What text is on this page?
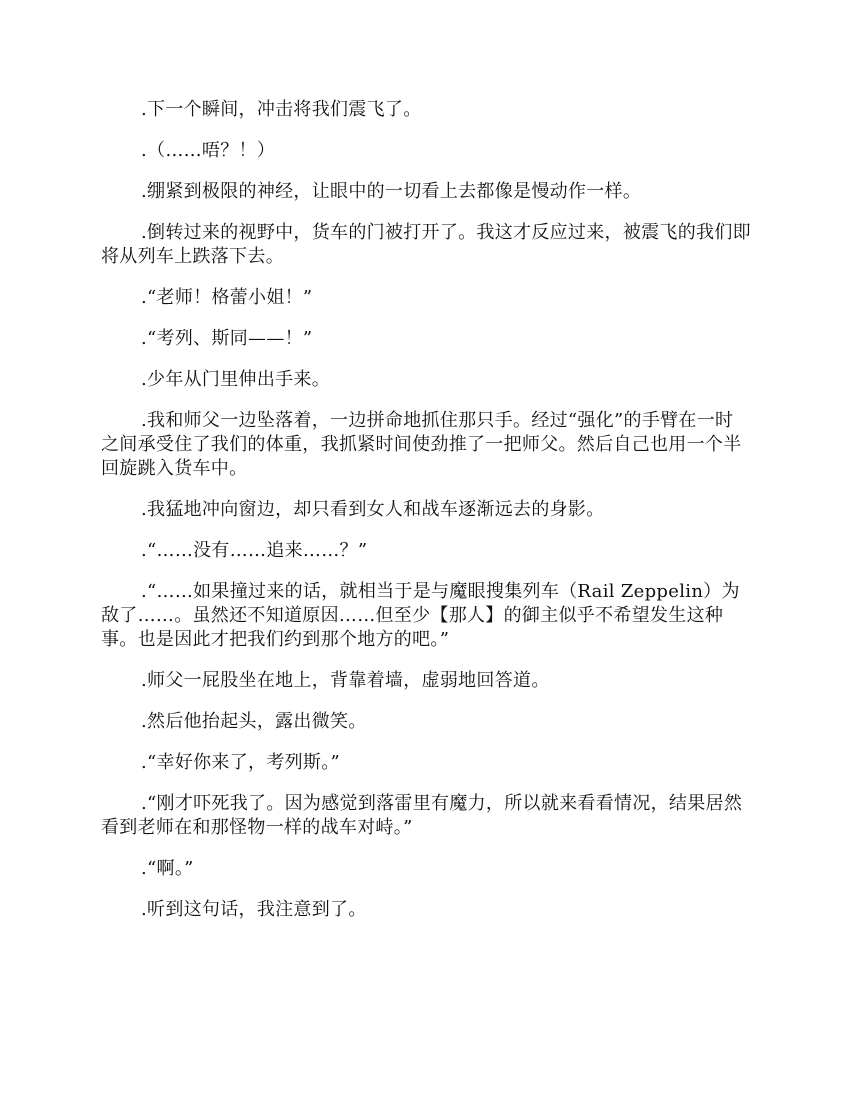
.下一个瞬间，冲击将我们震飞了。

.（……唔？！）

.绷紧到极限的神经，让眼中的一切看上去都像是慢动作一样。

.倒转过来的视野中，货车的门被打开了。我这才反应过来，被震飞的我们即将从列车上跌落下去。

.“老师！格蕾小姐！”

.“考列、斯同——！”

.少年从门里伸出手来。

.我和师父一边坠落着，一边拼命地抓住那只手。经过“强化”的手臂在一时之间承受住了我们的体重，我抓紧时间使劲推了一把师父。然后自己也用一个半回旋跳入货车中。

.我猛地冲向窗边，却只看到女人和战车逐渐远去的身影。

.“……没有……追来……？”

.“……如果撞过来的话，就相当于是与魔眼搜集列车（Rail Zeppelin）为敌了……。虽然还不知道原因……但至少【那人】的御主似乎不希望发生这种事。也是因此才把我们约到那个地方的吧。”

.师父一屁股坐在地上，背靠着墙，虚弱地回答道。

.然后他抬起头，露出微笑。

.“幸好你来了，考列斯。”

.“刚才吓死我了。因为感觉到落雷里有魔力，所以就来看看情况，结果居然看到老师在和那怪物一样的战车对峙。”

.“啊。”

.听到这句话，我注意到了。
